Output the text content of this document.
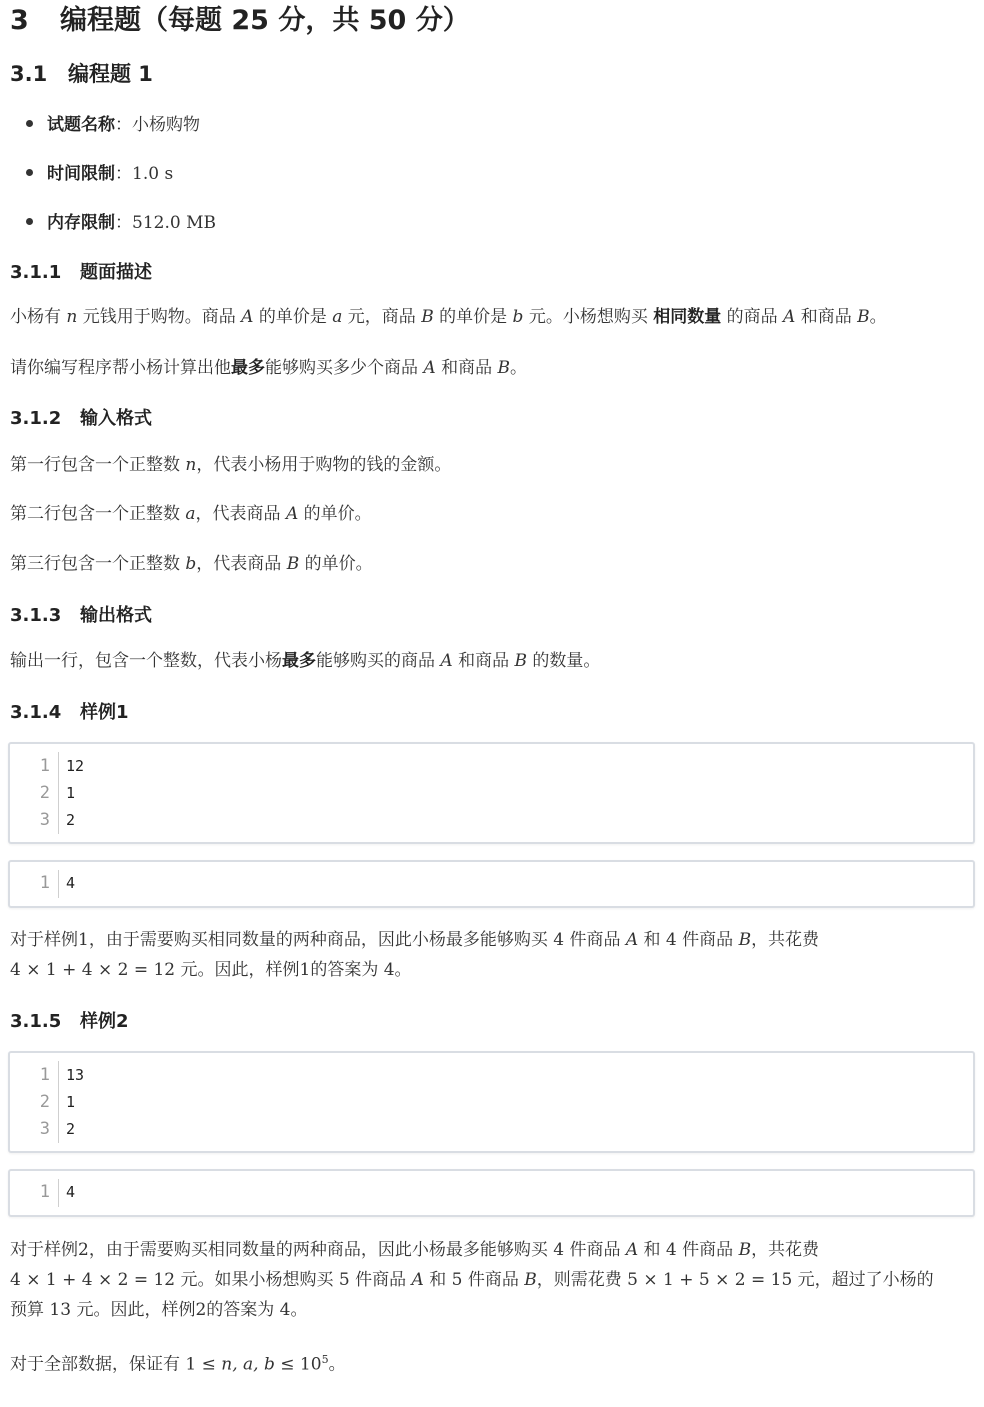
3 编程题（每题 25 分，共 50 分）
3.1 编程题 1
试题名称：小杨购物
时间限制：1.0 s
内存限制：512.0 MB
3.1.1 题面描述
小杨有 n 元钱用于购物。商品 A 的单价是 a 元，商品 B 的单价是 b 元。小杨想购买 相同数量 的商品 A 和商品 B。
请你编写程序帮小杨计算出他最多能够购买多少个商品 A 和商品 B。
3.1.2 输入格式
第一行包含一个正整数 n，代表小杨用于购物的钱的金额。
第二行包含一个正整数 a，代表商品 A 的单价。
第三行包含一个正整数 b，代表商品 B 的单价。
3.1.3 输出格式
输出一行，包含一个整数，代表小杨最多能够购买的商品 A 和商品 B 的数量。
3.1.4 样例1
1 12
2 1
3 2
1 4
对于样例1，由于需要购买相同数量的两种商品，因此小杨最多能够购买 4 件商品 A 和 4 件商品 B，共花费
4 × 1 + 4 × 2 = 12 元。因此，样例1的答案为 4。
3.1.5 样例2
1 13
2 1
3 2
1 4
对于样例2，由于需要购买相同数量的两种商品，因此小杨最多能够购买 4 件商品 A 和 4 件商品 B，共花费
4 × 1 + 4 × 2 = 12 元。如果小杨想购买 5 件商品 A 和 5 件商品 B，则需花费 5 × 1 + 5 × 2 = 15 元，超过了小杨的
预算 13 元。因此，样例2的答案为 4。
对于全部数据，保证有 1 ≤ n, a, $b \le 10^5$。
